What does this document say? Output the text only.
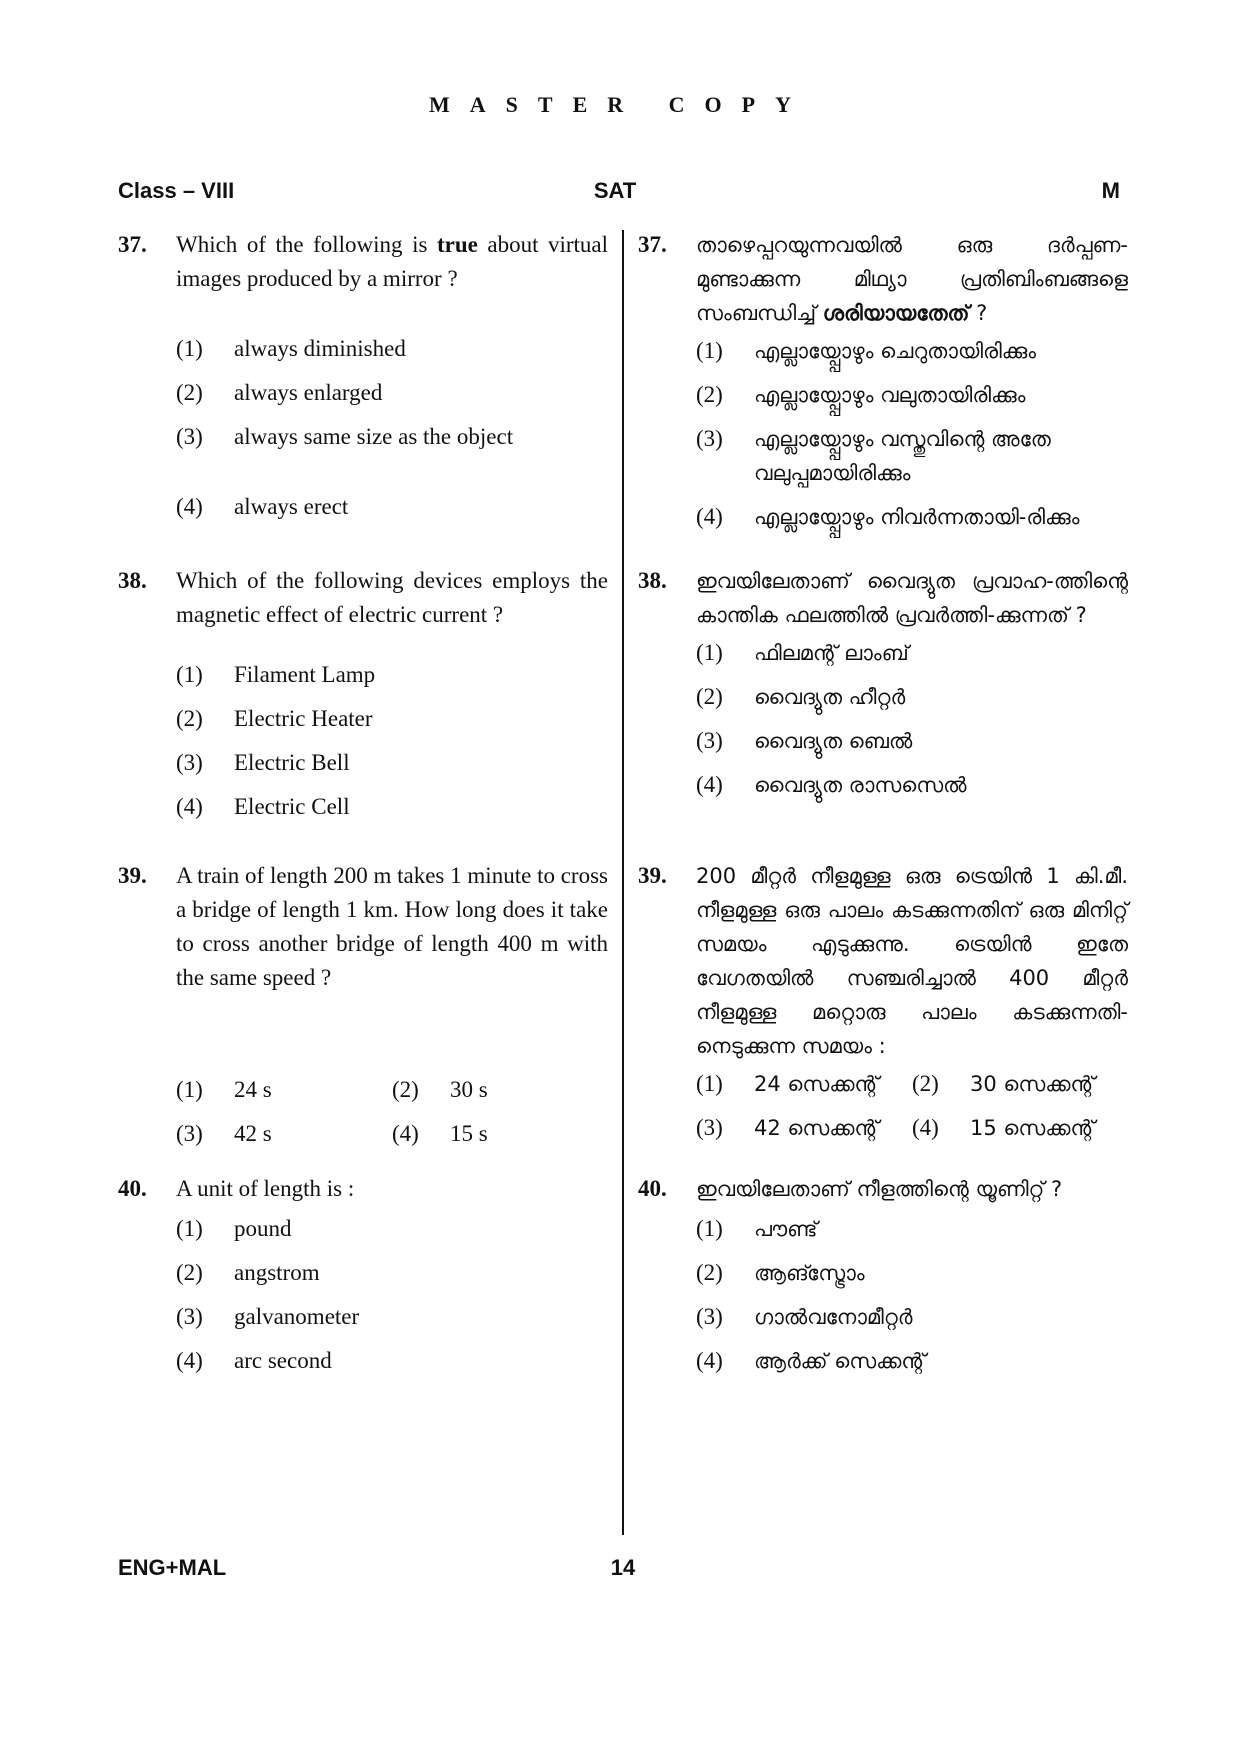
MASTER COPY
Class – VIII	SAT	M
37.	Which of the following is true about virtual images produced by a mirror ?
(1)	always diminished
(2)	always enlarged
(3)	always same size as the object
(4)	always erect
38.	Which of the following devices employs the magnetic effect of electric current ?
(1)	Filament Lamp
(2)	Electric Heater
(3)	Electric Bell
(4)	Electric Cell
39.	A train of length 200 m takes 1 minute to cross a bridge of length 1 km. How long does it take to cross another bridge of length 400 m with the same speed ?
(1)	24 s	(2)	30 s
(3)	42 s	(4)	15 s
40.	A unit of length is :
(1)	pound
(2)	angstrom
(3)	galvanometer
(4)	arc second
37.	താഴെപ്പറയുന്നവയിൽ ഒരു ദർപ്പണ-മുണ്ടാക്കുന്ന മിഥ്യാ പ്രതിബിംബങ്ങളെ സംബന്ധിച്ച് ശരിയായതേത് ?
(1)	എല്ലായ്പ്പോഴും ചെറുതായിരിക്കും
(2)	എല്ലായ്പ്പോഴും വലുതായിരിക്കും
(3)	എല്ലായ്പ്പോഴും വസ്തുവിന്റെ അതേ വലുപ്പമായിരിക്കും
(4)	എല്ലായ്പ്പോഴും നിവർന്നതായി-രിക്കും
38.	ഇവയിലേതാണ് വൈദ്യുത പ്രവാഹ-ത്തിന്റെ കാന്തിക ഫലത്തിൽ പ്രവർത്തി-ക്കുന്നത് ?
(1)	ഫിലമന്റ് ലാംബ്
(2)	വൈദ്യുത ഹീറ്റർ
(3)	വൈദ്യുത ബെൽ
(4)	വൈദ്യുത രാസസെൽ
39.	200 മീറ്റർ നീളമുള്ള ഒരു ട്രെയിൻ 1 കി.മീ. നീളമുള്ള ഒരു പാലം കടക്കുന്നതിന് ഒരു മിനിറ്റ് സമയം എടുക്കുന്നു. ട്രെയിൻ ഇതേ വേഗതയിൽ സഞ്ചരിച്ചാൽ 400 മീറ്റർ നീളമുള്ള മറ്റൊരു പാലം കടക്കുന്നതി-നെടുക്കുന്ന സമയം :
(1)	24 സെക്കന്റ് (2)	30 സെക്കന്റ്
(3)	42 സെക്കന്റ് (4)	15 സെക്കന്റ്
40.	ഇവയിലേതാണ് നീളത്തിന്റെ യൂണിറ്റ് ?
(1)	പൗണ്ട്
(2)	ആങ്സ്ട്രോം
(3)	ഗാൽവനോമീറ്റർ
(4)	ആർക്ക് സെക്കന്റ്
ENG+MAL	14
